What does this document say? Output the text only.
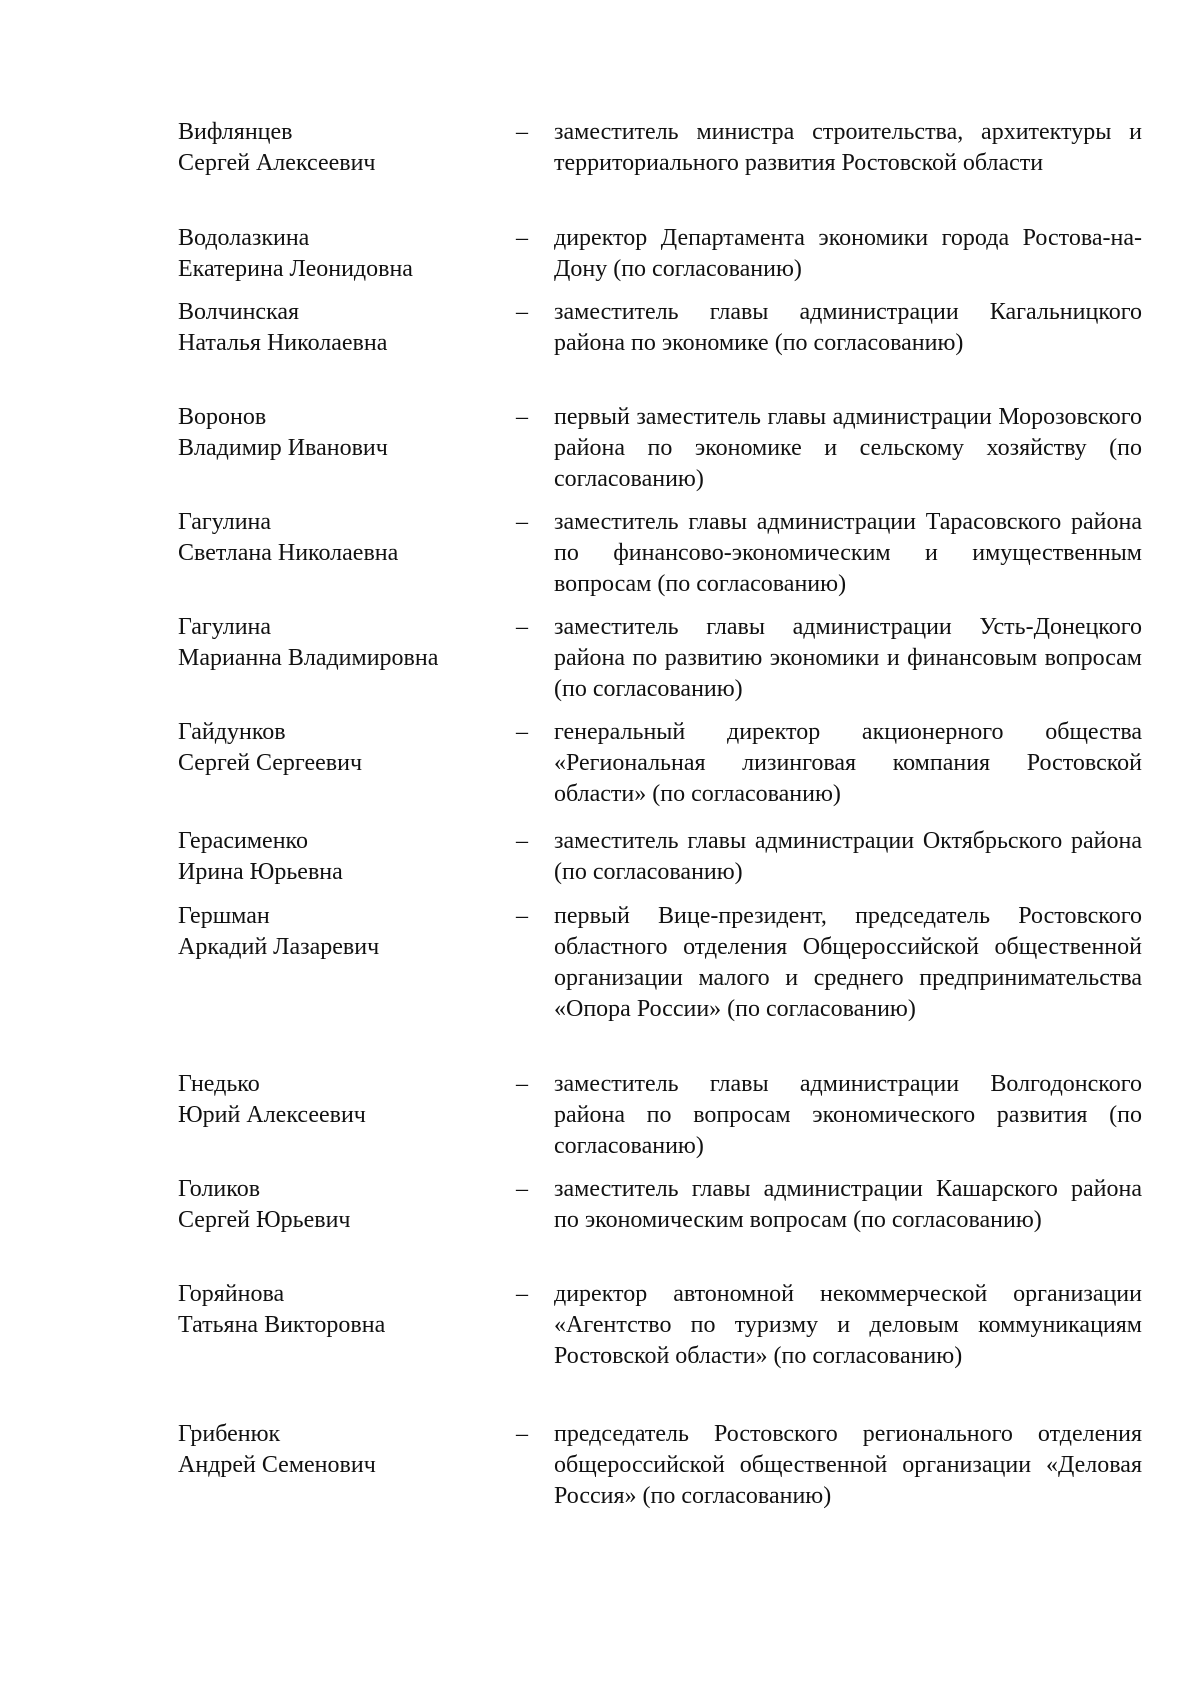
Вифлянцев
Сергей Алексеевич
– заместитель министра строительства, архитектуры и территориального развития Ростовской области
Водолазкина
Екатерина Леонидовна
– директор Департамента экономики города Ростова-на-Дону (по согласованию)
Волчинская
Наталья Николаевна
– заместитель главы администрации Кагальницкого района по экономике (по согласованию)
Воронов
Владимир Иванович
– первый заместитель главы администрации Морозовского района по экономике и сельскому хозяйству (по согласованию)
Гагулина
Светлана Николаевна
– заместитель главы администрации Тарасовского района по финансово-экономическим и имущественным вопросам (по согласованию)
Гагулина
Марианна Владимировна
– заместитель главы администрации Усть-Донецкого района по развитию экономики и финансовым вопросам (по согласованию)
Гайдунков
Сергей Сергеевич
– генеральный директор акционерного общества «Региональная лизинговая компания Ростовской области» (по согласованию)
Герасименко
Ирина Юрьевна
– заместитель главы администрации Октябрьского района (по согласованию)
Гершман
Аркадий Лазаревич
– первый Вице-президент, председатель Ростовского областного отделения Общероссийской общественной организации малого и среднего предпринимательства «Опора России» (по согласованию)
Гнедько
Юрий Алексеевич
– заместитель главы администрации Волгодонского района по вопросам экономического развития (по согласованию)
Голиков
Сергей Юрьевич
– заместитель главы администрации Кашарского района по экономическим вопросам (по согласованию)
Горяйнова
Татьяна Викторовна
– директор автономной некоммерческой организации «Агентство по туризму и деловым коммуникациям Ростовской области» (по согласованию)
Грибенюк
Андрей Семенович
– председатель Ростовского регионального отделения общероссийской общественной организации «Деловая Россия» (по согласованию)
